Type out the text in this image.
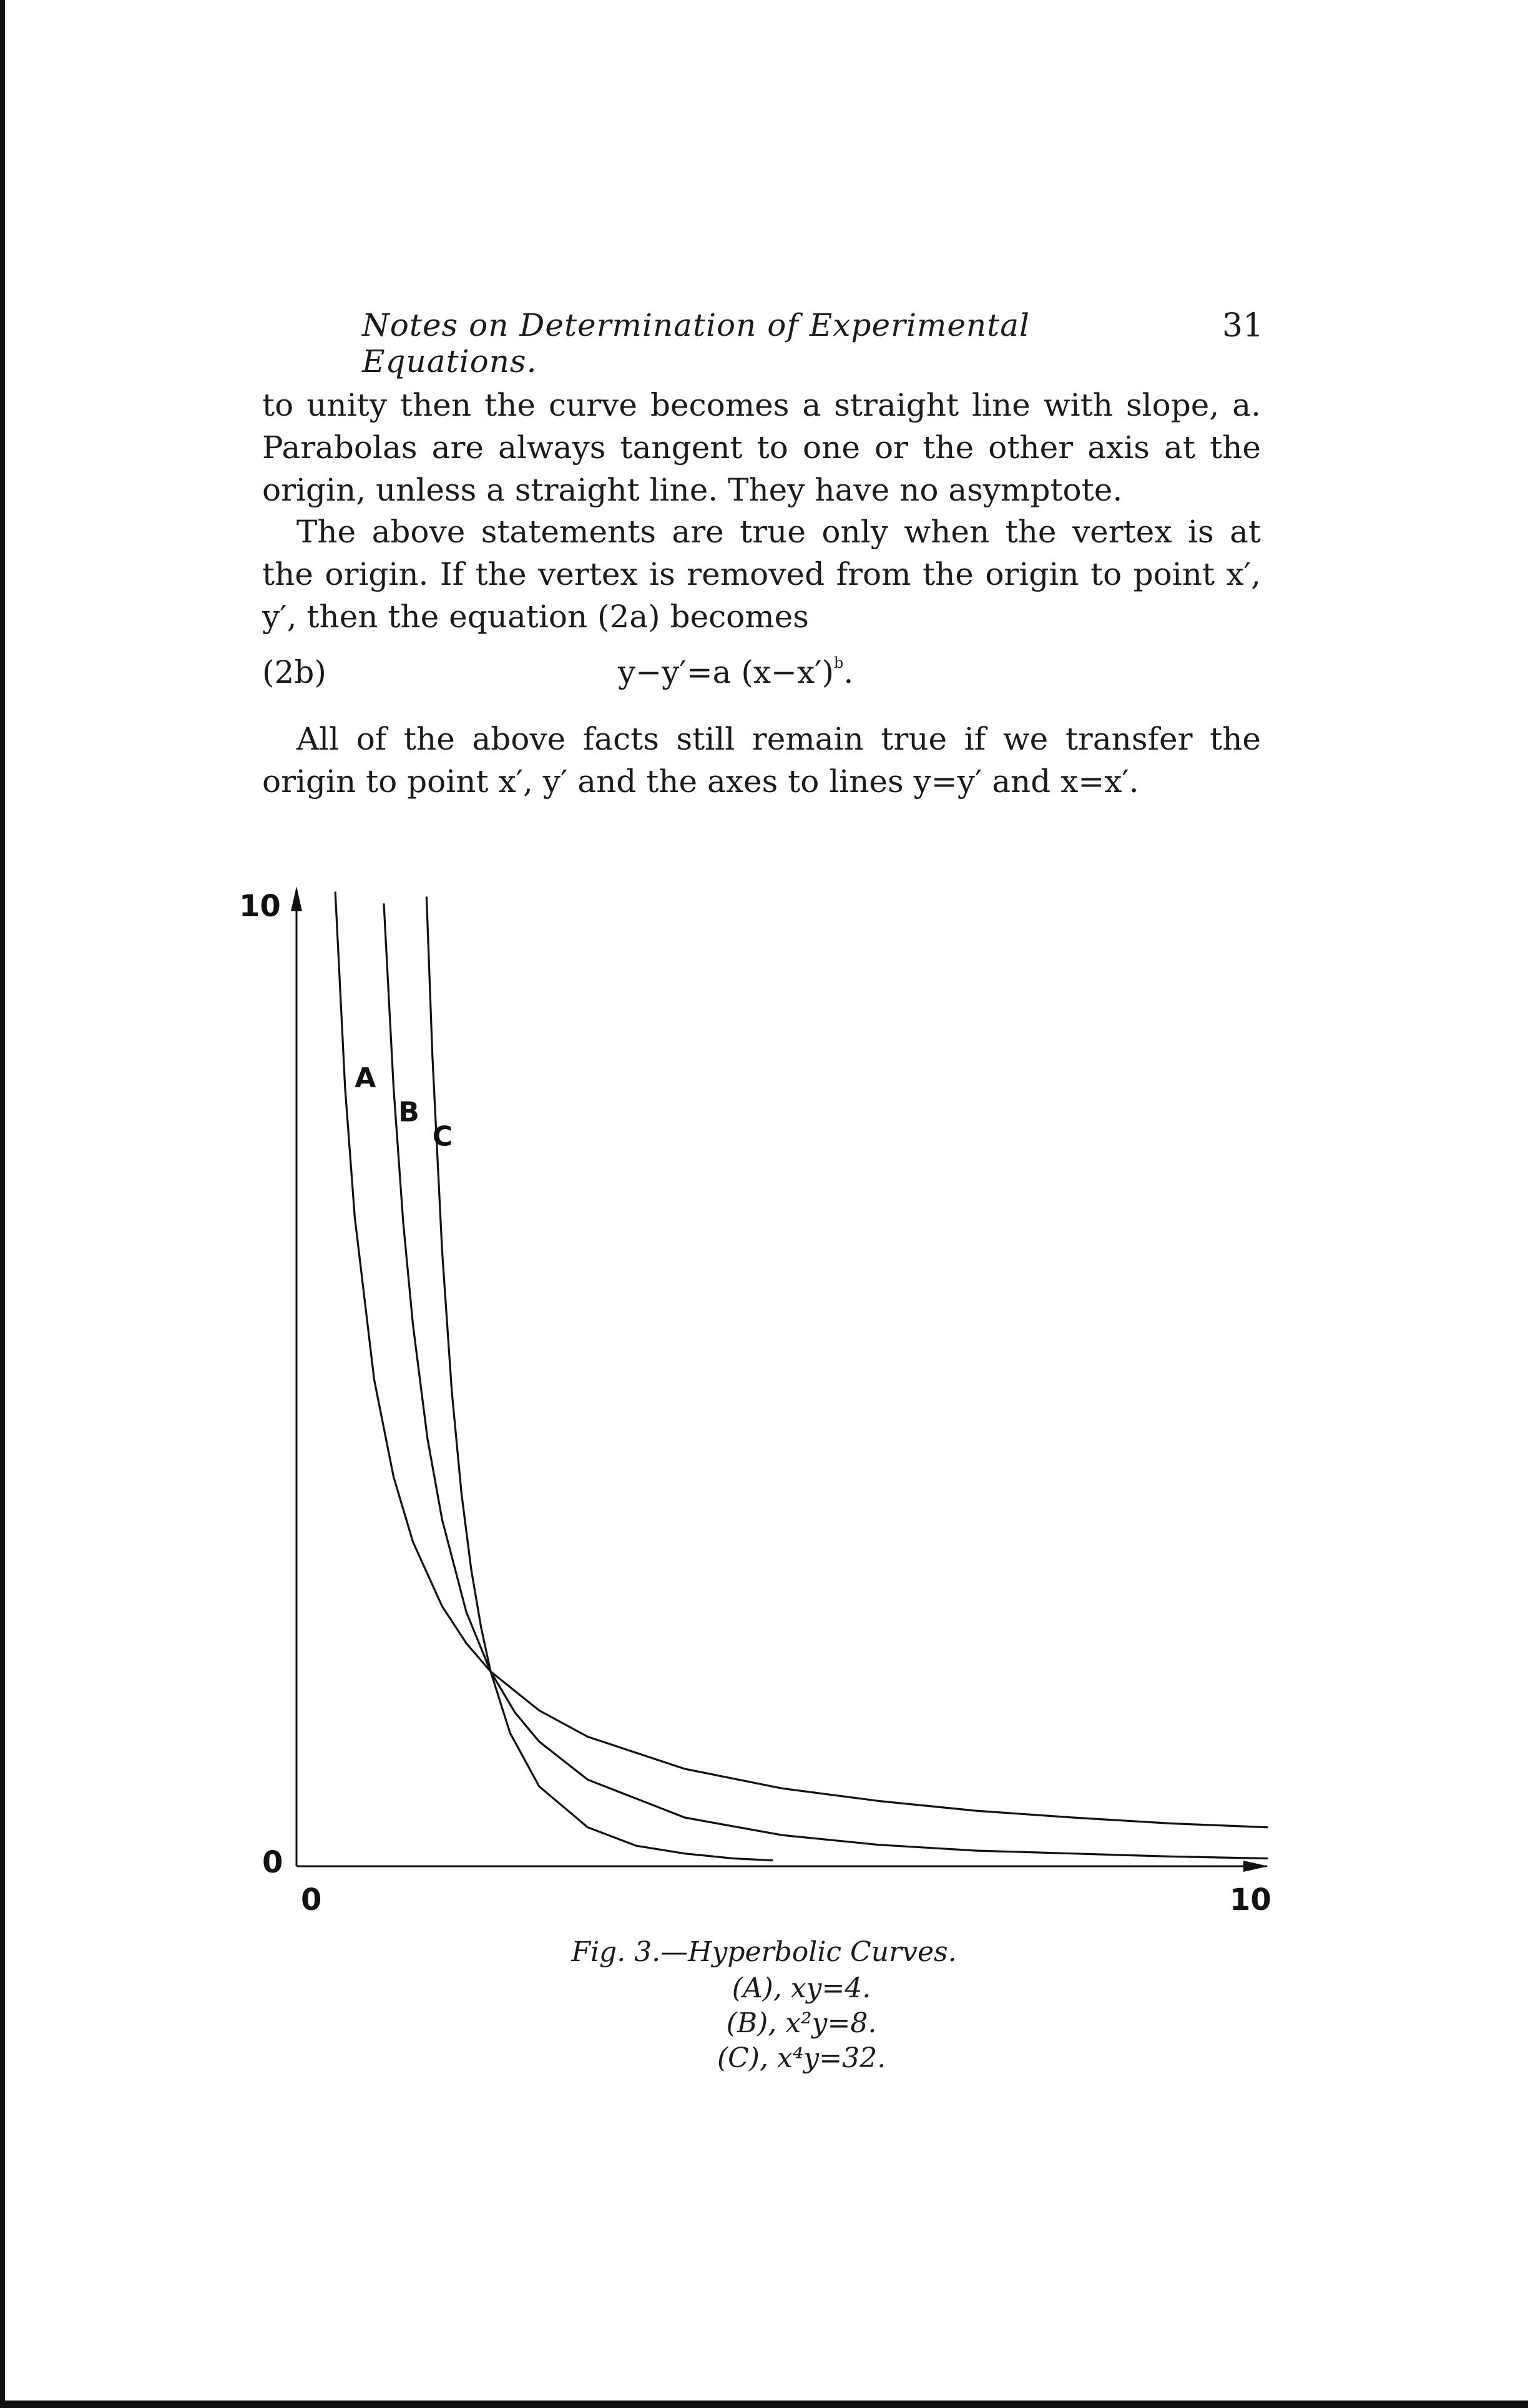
Notes on Determination of Experimental Equations.
31
to unity then the curve becomes a straight line with slope, a. Parabolas are always tangent to one or the other axis at the origin, unless a straight line. They have no asymptote.
The above statements are true only when the vertex is at the origin. If the vertex is removed from the origin to point x′, y′, then the equation (2a) becomes
(2b)	y−y′=a $(x-x')^b$.
All of the above facts still remain true if we transfer the origin to point x′, y′ and the axes to lines y=y′ and x=x′.
10
0
0	10
A
B
C
Fig. 3.—Hyperbolic Curves.
(A), xy=4.
(B), x²y=8.
(C), x⁴y=32.
